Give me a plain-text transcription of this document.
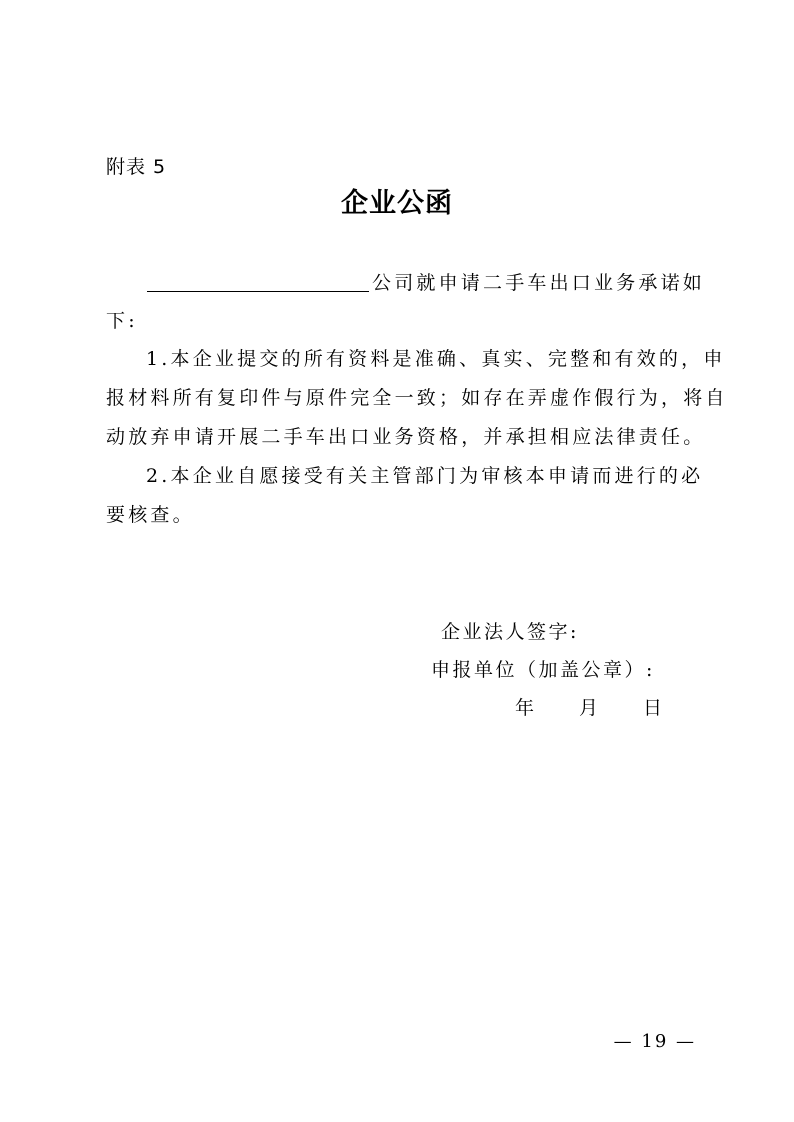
附表 5
企业公函
公司就申请二手车出口业务承诺如
下:
1.本企业提交的所有资料是准确、真实、完整和有效的，申
报材料所有复印件与原件完全一致；如存在弄虚作假行为，将自
动放弃申请开展二手车出口业务资格，并承担相应法律责任。
2.本企业自愿接受有关主管部门为审核本申请而进行的必
要核查。
企业法人签字:
申报单位（加盖公章）:
年 月 日
— 19 —
